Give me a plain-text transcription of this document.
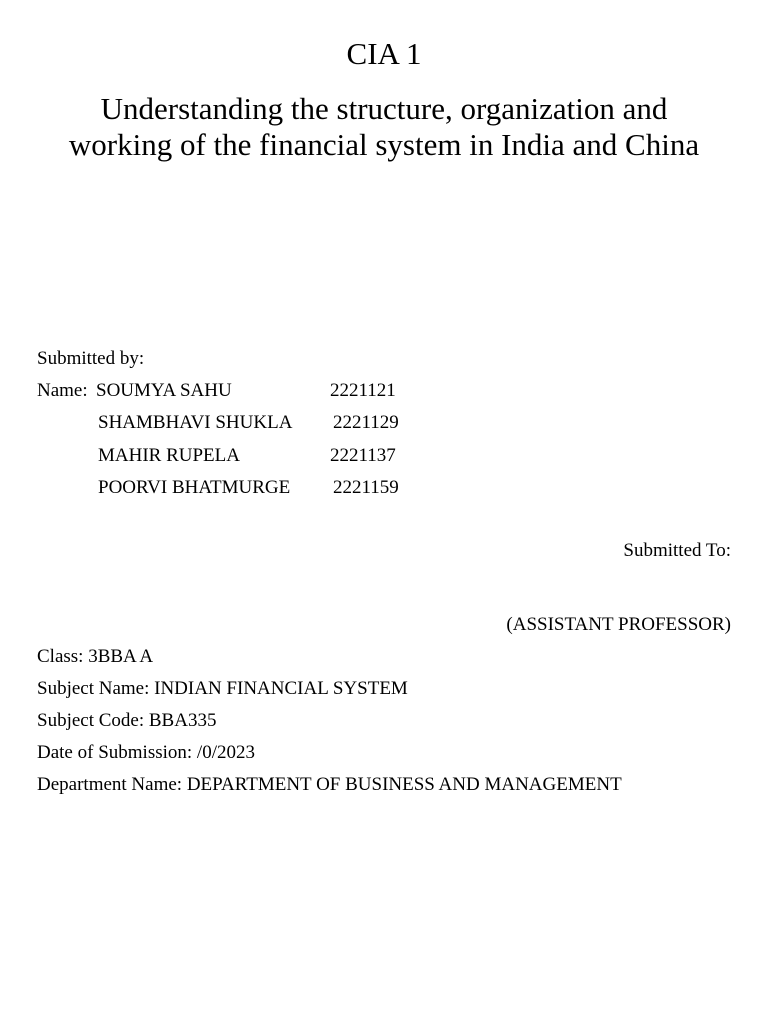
CIA 1
Understanding the structure, organization and
working of the financial system in India and China
Submitted by:
Name: SOUMYA SAHU	2221121
SHAMBHAVI SHUKLA 2221129
MAHIR RUPELA	2221137
POORVI BHATMURGE 2221159
Submitted To:
(ASSISTANT PROFESSOR)
Class: 3BBA A
Subject Name: INDIAN FINANCIAL SYSTEM
Subject Code: BBA335
Date of Submission: /0/2023
Department Name: DEPARTMENT OF BUSINESS AND MANAGEMENT
